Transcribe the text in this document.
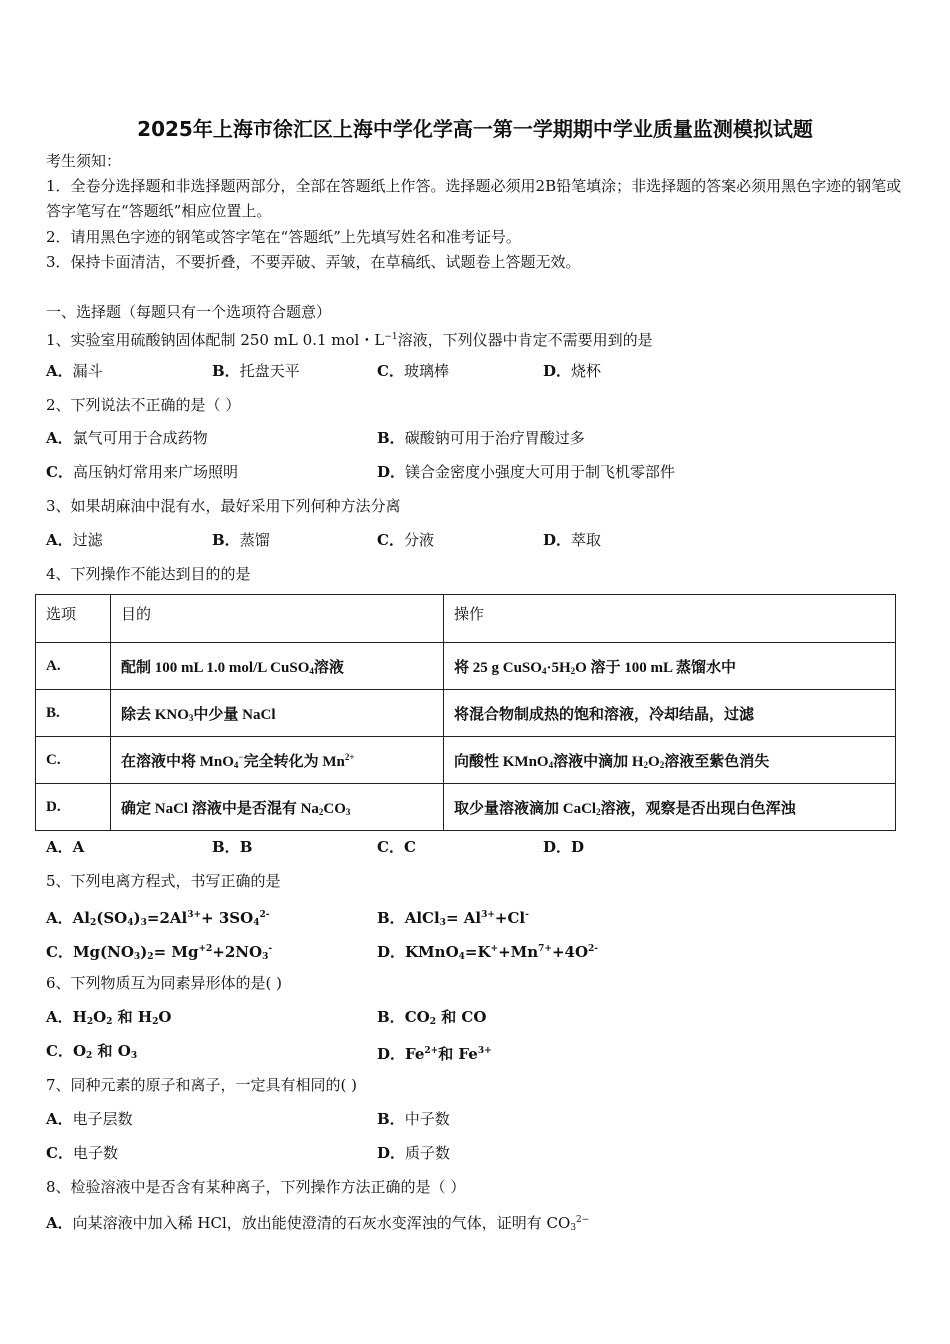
2025年上海市徐汇区上海中学化学高一第一学期期中学业质量监测模拟试题
考生须知：
1．全卷分选择题和非选择题两部分，全部在答题纸上作答。选择题必须用2B铅笔填涂；非选择题的答案必须用黑色字迹的钢笔或答字笔写在“答题纸”相应位置上。
2．请用黑色字迹的钢笔或答字笔在“答题纸”上先填写姓名和准考证号。
3．保持卡面清洁，不要折叠，不要弄破、弄皱，在草稿纸、试题卷上答题无效。
一、选择题（每题只有一个选项符合题意）
1、实验室用硫酸钠固体配制 250 mL 0.1 mol・$L^{-1}$溶液，下列仪器中肯定不需要用到的是
A．漏斗	B．托盘天平	C．玻璃棒	D．烧杯
2、下列说法不正确的是（ ）
A．氯气可用于合成药物	B．碳酸钠可用于治疗胃酸过多
C．高压钠灯常用来广场照明	D．镁合金密度小强度大可用于制飞机零部件
3、如果胡麻油中混有水，最好采用下列何种方法分离
A．过滤	B．蒸馏	C．分液	D．萃取
4、下列操作不能达到目的的是
选项	目的	操作
A.	配制 100 mL 1.0 mol/L CuSO$_4$溶液	将 25 g $CuSO_4\cdot 5H_2O$ 溶于 100 mL 蒸馏水中
B.	除去 $KNO_3$中少量 NaCl	将混合物制成热的饱和溶液，冷却结晶，过滤
C.	在溶液中将 MnO$_4$−完全转化为 $Mn^{2+}$	向酸性 KMnO$_4$溶液中滴加 $H_2O_2$溶液至紫色消失
D.	确定 NaCl 溶液中是否混有 $Na_2CO_3$	取少量溶液滴加 CaCl$_2$溶液，观察是否出现白色浑浊
A．A	B．B	C．C	D．D
5、下列电离方程式，书写正确的是
A．$Al_2(SO_4)_3=2Al^{3+}+ 3SO_4^{2-}$	B．AlCl$_3$= $Al^{3+}+Cl^-$
C．$Mg(NO_3)_2= Mg^{+2}+2NO_3^-$	D．$KMnO_4=K^++Mn^{7+}+4O^{2-}$
6、下列物质互为同素异形体的是( )
A．$H_2O_2$ 和 $H_2O$	B．$CO_2$ 和 CO
C．$O_2$ 和 $O_3$	D．$Fe^{2+}$和 $Fe^{3+}$
7、同种元素的原子和离子，一定具有相同的( )
A．电子层数	B．中子数
C．电子数	D．质子数
8、检验溶液中是否含有某种离子，下列操作方法正确的是（ ）
A．向某溶液中加入稀 HCl，放出能使澄清的石灰水变浑浊的气体，证明有 $CO_3^{2-}$
